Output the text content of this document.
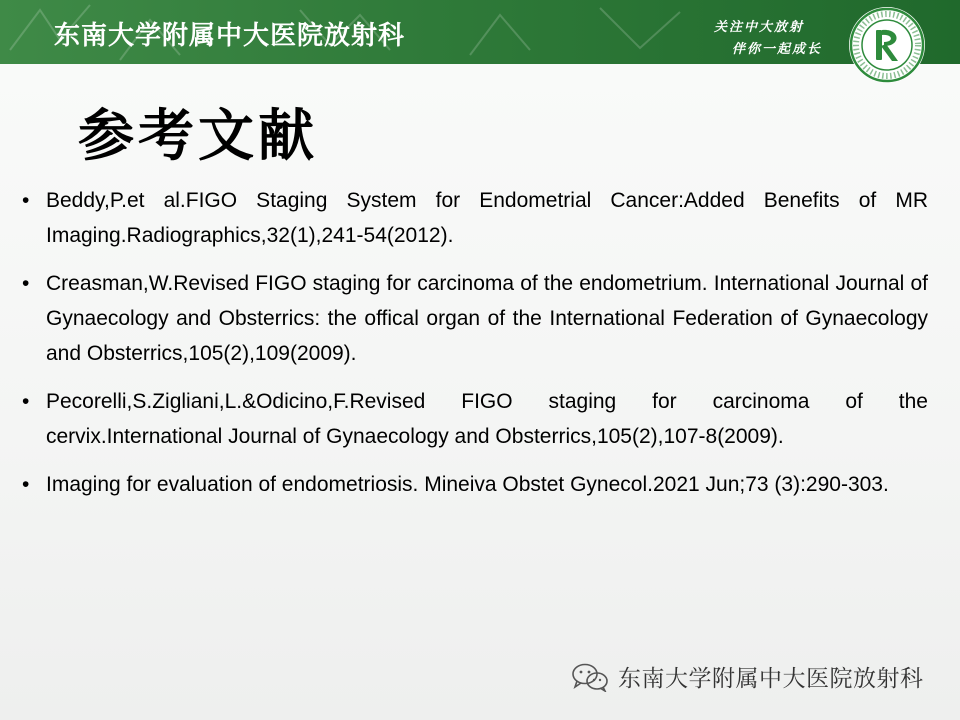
东南大学附属中大医院放射科	关注中大放射
伴你一起成长
参考文献
• Beddy,P.et al.FIGO Staging System for Endometrial Cancer:Added Benefits of MR Imaging.Radiographics,32(1),241-54(2012).
• Creasman,W.Revised FIGO staging for carcinoma of the endometrium. International Journal of Gynaecology and Obsterrics: the offical organ of the International Federation of Gynaecology and Obsterrics,105(2),109(2009).
• Pecorelli,S.Zigliani,L.&Odicino,F.Revised FIGO staging for carcinoma of the cervix.International Journal of Gynaecology and Obsterrics,105(2),107-8(2009).
• Imaging for evaluation of endometriosis. Mineiva Obstet Gynecol.2021 Jun;73 (3):290-303.
东南大学附属中大医院放射科
